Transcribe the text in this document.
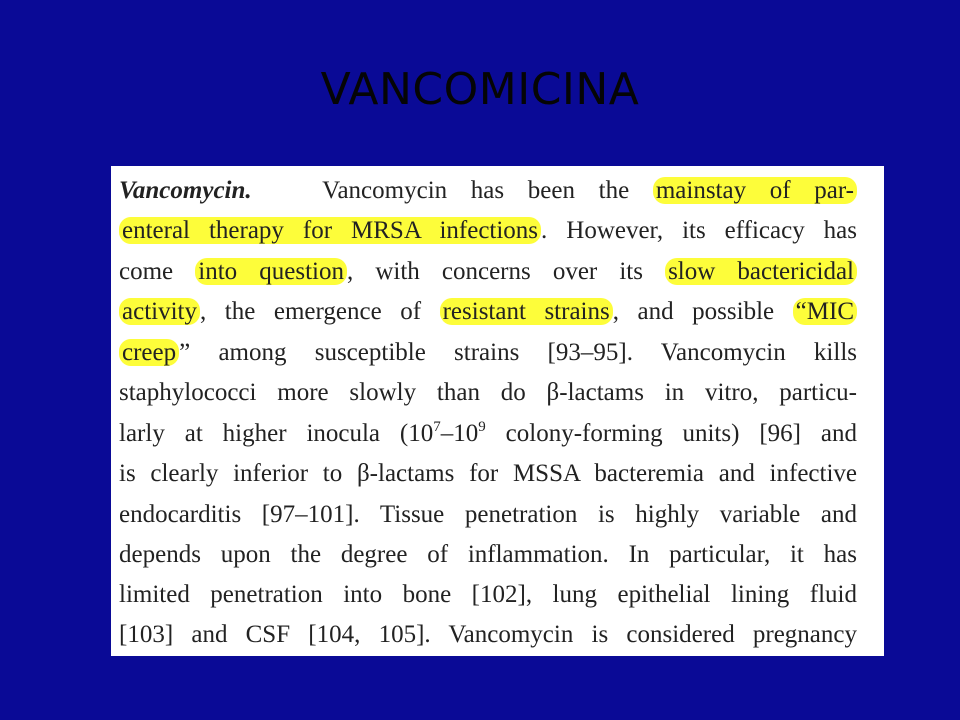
VANCOMICINA
Vancomycin.   Vancomycin has been the mainstay of par-
enteral therapy for MRSA infections . However, its efficacy has
come into question , with concerns over its slow bactericidal
activity , the emergence of resistant strains , and possible “MIC
creep ” among susceptible strains [93–95]. Vancomycin kills
staphylococci more slowly than do β-lactams in vitro, particu-
larly at higher inocula ($10^7-10^9$ colony-forming units) [96] and
is clearly inferior to β-lactams for MSSA bacteremia and infective
endocarditis [97–101]. Tissue penetration is highly variable and
depends upon the degree of inflammation. In particular, it has
limited penetration into bone [102], lung epithelial lining fluid
[103] and CSF [104, 105]. Vancomycin is considered pregnancy
